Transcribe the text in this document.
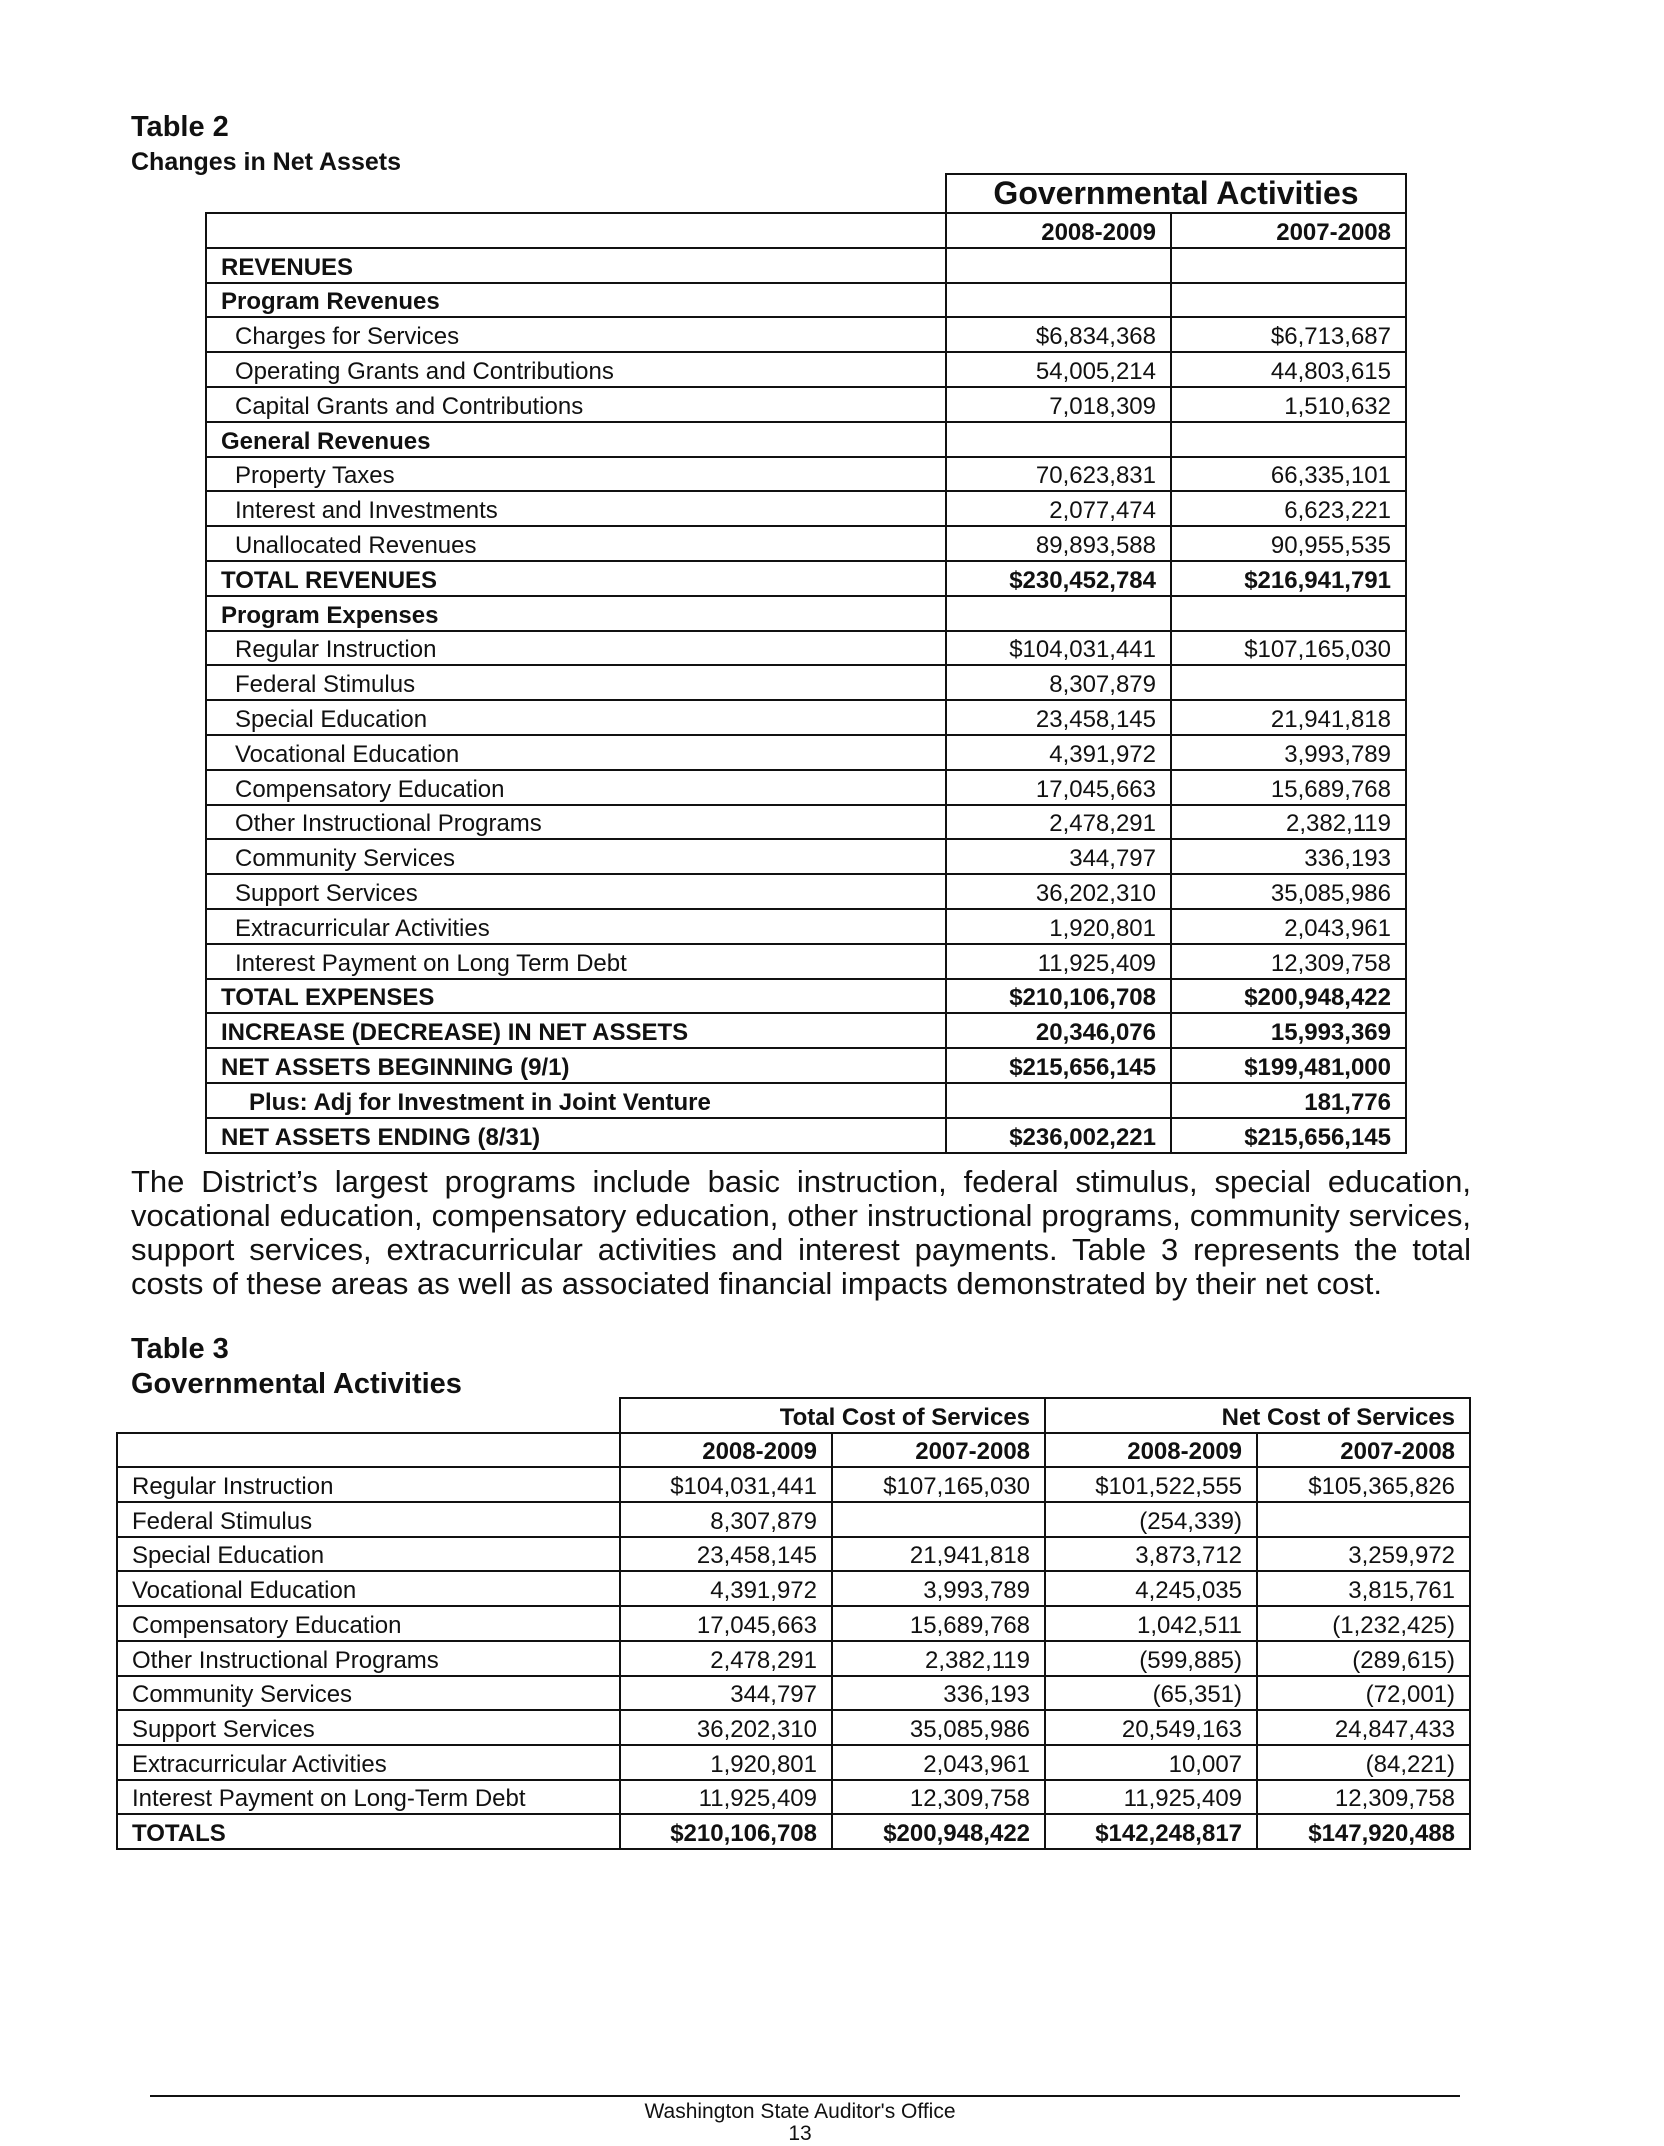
Table 2
Changes in Net Assets
	Governmental Activities	
	2008-2009	2007-2008
REVENUES		
Program Revenues		
Charges for Services	$6,834,368	$6,713,687
Operating Grants and Contributions	54,005,214	44,803,615
Capital Grants and Contributions	7,018,309	1,510,632
General Revenues		
Property Taxes	70,623,831	66,335,101
Interest and Investments	2,077,474	6,623,221
Unallocated Revenues	89,893,588	90,955,535
TOTAL REVENUES	$230,452,784	$216,941,791
Program Expenses		
Regular Instruction	$104,031,441	$107,165,030
Federal Stimulus	8,307,879	
Special Education	23,458,145	21,941,818
Vocational Education	4,391,972	3,993,789
Compensatory Education	17,045,663	15,689,768
Other Instructional Programs	2,478,291	2,382,119
Community Services	344,797	336,193
Support Services	36,202,310	35,085,986
Extracurricular Activities	1,920,801	2,043,961
Interest Payment on Long Term Debt	11,925,409	12,309,758
TOTAL EXPENSES	$210,106,708	$200,948,422
INCREASE (DECREASE) IN NET ASSETS	20,346,076	15,993,369
NET ASSETS BEGINNING (9/1)	$215,656,145	$199,481,000
Plus: Adj for Investment in Joint Venture		181,776
NET ASSETS ENDING (8/31)	$236,002,221	$215,656,145

The District’s largest programs include basic instruction, federal stimulus, special education, vocational education, compensatory education, other instructional programs, community services, support services, extracurricular activities and interest payments. Table 3 represents the total costs of these areas as well as associated financial impacts demonstrated by their net cost.

Table 3
Governmental Activities
	Total Cost of Services		Net Cost of Services	
	2008-2009	2007-2008	2008-2009	2007-2008
Regular Instruction	$104,031,441	$107,165,030	$101,522,555	$105,365,826
Federal Stimulus	8,307,879		(254,339)	
Special Education	23,458,145	21,941,818	3,873,712	3,259,972
Vocational Education	4,391,972	3,993,789	4,245,035	3,815,761
Compensatory Education	17,045,663	15,689,768	1,042,511	(1,232,425)
Other Instructional Programs	2,478,291	2,382,119	(599,885)	(289,615)
Community Services	344,797	336,193	(65,351)	(72,001)
Support Services	36,202,310	35,085,986	20,549,163	24,847,433
Extracurricular Activities	1,920,801	2,043,961	10,007	(84,221)
Interest Payment on Long-Term Debt	11,925,409	12,309,758	11,925,409	12,309,758
TOTALS	$210,106,708	$200,948,422	$142,248,817	$147,920,488
Washington State Auditor's Office
13
